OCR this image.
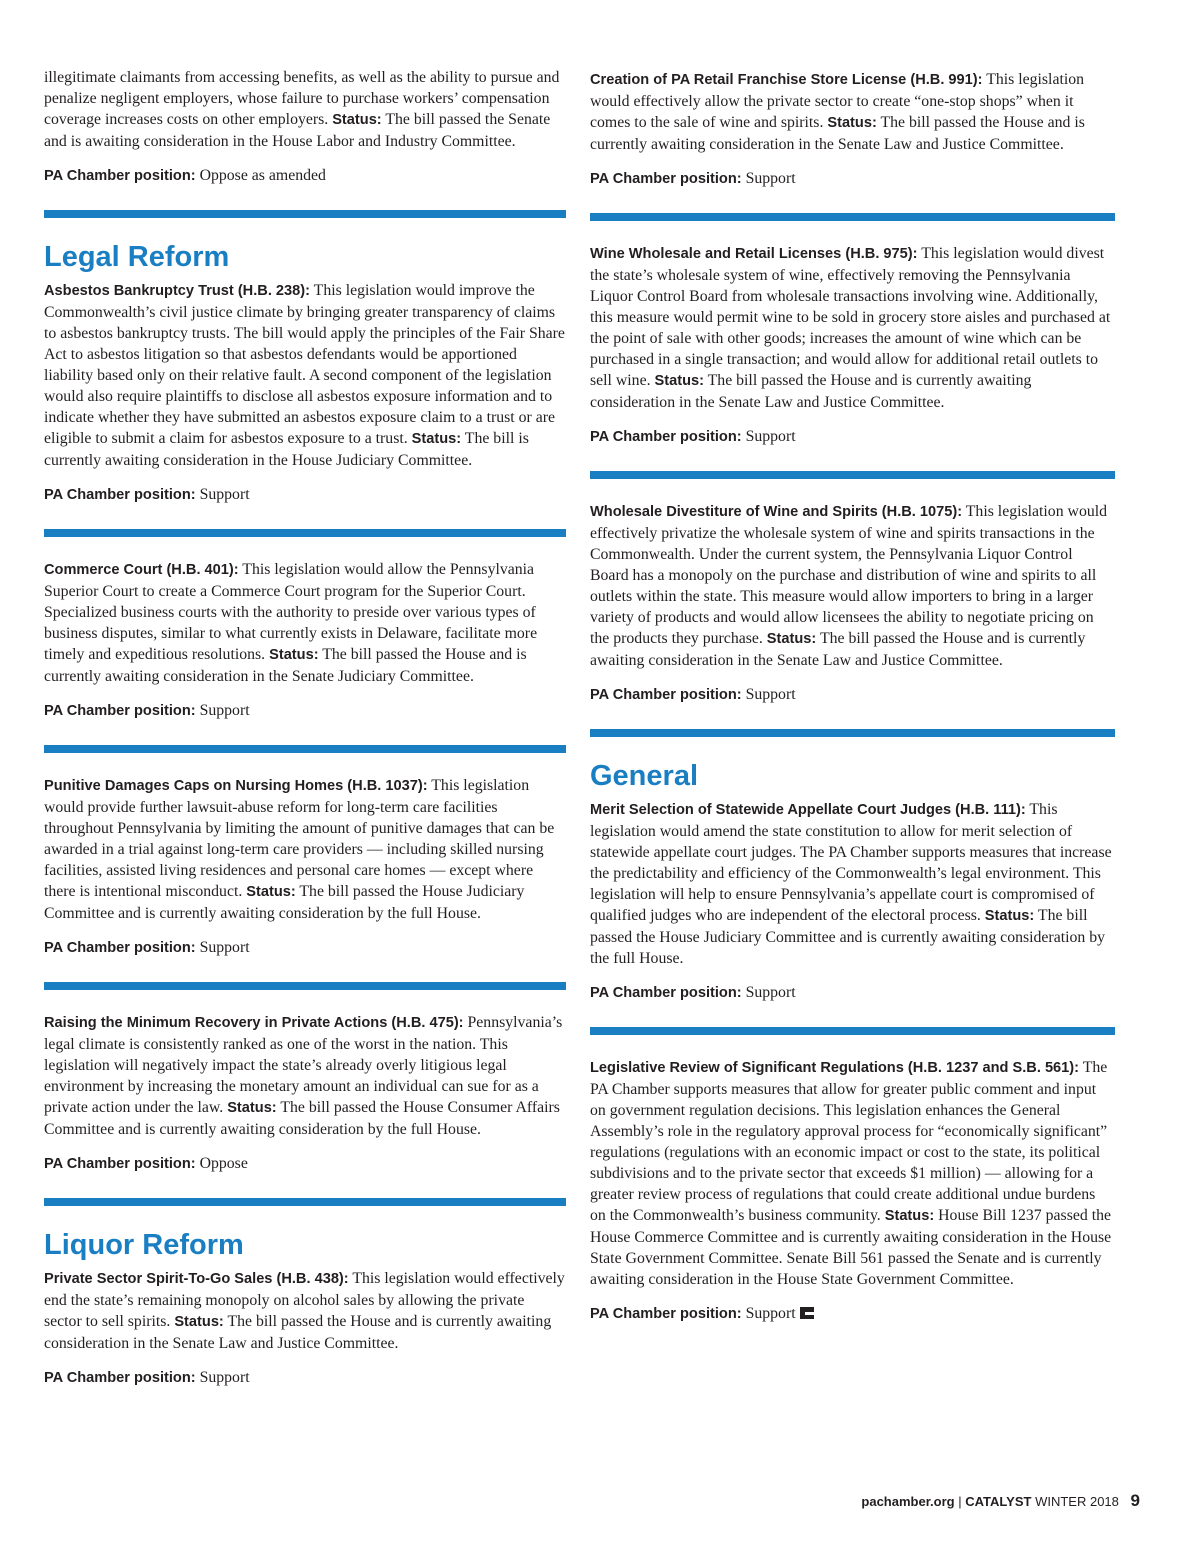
illegitimate claimants from accessing benefits, as well as the ability to pursue and penalize negligent employers, whose failure to purchase workers’ compensation coverage increases costs on other employers. Status: The bill passed the Senate and is awaiting consideration in the House Labor and Industry Committee.

PA Chamber position: Oppose as amended

Legal Reform

Asbestos Bankruptcy Trust (H.B. 238): This legislation would improve the Commonwealth’s civil justice climate by bringing greater transparency of claims to asbestos bankruptcy trusts. The bill would apply the principles of the Fair Share Act to asbestos litigation so that asbestos defendants would be apportioned liability based only on their relative fault. A second component of the legislation would also require plaintiffs to disclose all asbestos exposure information and to indicate whether they have submitted an asbestos exposure claim to a trust or are eligible to submit a claim for asbestos exposure to a trust. Status: The bill is currently awaiting consideration in the House Judiciary Committee.

PA Chamber position: Support

Commerce Court (H.B. 401): This legislation would allow the Pennsylvania Superior Court to create a Commerce Court program for the Superior Court. Specialized business courts with the authority to preside over various types of business disputes, similar to what currently exists in Delaware, facilitate more timely and expeditious resolutions. Status: The bill passed the House and is currently awaiting consideration in the Senate Judiciary Committee.

PA Chamber position: Support

Punitive Damages Caps on Nursing Homes (H.B. 1037): This legislation would provide further lawsuit-abuse reform for long-term care facilities throughout Pennsylvania by limiting the amount of punitive damages that can be awarded in a trial against long-term care providers — including skilled nursing facilities, assisted living residences and personal care homes — except where there is intentional misconduct. Status: The bill passed the House Judiciary Committee and is currently awaiting consideration by the full House.

PA Chamber position: Support

Raising the Minimum Recovery in Private Actions (H.B. 475): Pennsylvania’s legal climate is consistently ranked as one of the worst in the nation. This legislation will negatively impact the state’s already overly litigious legal environment by increasing the monetary amount an individual can sue for as a private action under the law. Status: The bill passed the House Consumer Affairs Committee and is currently awaiting consideration by the full House.

PA Chamber position: Oppose

Liquor Reform

Private Sector Spirit-To-Go Sales (H.B. 438): This legislation would effectively end the state’s remaining monopoly on alcohol sales by allowing the private sector to sell spirits. Status: The bill passed the House and is currently awaiting consideration in the Senate Law and Justice Committee.

PA Chamber position: Support

Creation of PA Retail Franchise Store License (H.B. 991): This legislation would effectively allow the private sector to create “one-stop shops” when it comes to the sale of wine and spirits. Status: The bill passed the House and is currently awaiting consideration in the Senate Law and Justice Committee.

PA Chamber position: Support

Wine Wholesale and Retail Licenses (H.B. 975): This legislation would divest the state’s wholesale system of wine, effectively removing the Pennsylvania Liquor Control Board from wholesale transactions involving wine. Additionally, this measure would permit wine to be sold in grocery store aisles and purchased at the point of sale with other goods; increases the amount of wine which can be purchased in a single transaction; and would allow for additional retail outlets to sell wine. Status: The bill passed the House and is currently awaiting consideration in the Senate Law and Justice Committee.

PA Chamber position: Support

Wholesale Divestiture of Wine and Spirits (H.B. 1075): This legislation would effectively privatize the wholesale system of wine and spirits transactions in the Commonwealth. Under the current system, the Pennsylvania Liquor Control Board has a monopoly on the purchase and distribution of wine and spirits to all outlets within the state. This measure would allow importers to bring in a larger variety of products and would allow licensees the ability to negotiate pricing on the products they purchase. Status: The bill passed the House and is currently awaiting consideration in the Senate Law and Justice Committee.

PA Chamber position: Support

General

Merit Selection of Statewide Appellate Court Judges (H.B. 111): This legislation would amend the state constitution to allow for merit selection of statewide appellate court judges. The PA Chamber supports measures that increase the predictability and efficiency of the Commonwealth’s legal environment. This legislation will help to ensure Pennsylvania’s appellate court is compromised of qualified judges who are independent of the electoral process. Status: The bill passed the House Judiciary Committee and is currently awaiting consideration by the full House.

PA Chamber position: Support

Legislative Review of Significant Regulations (H.B. 1237 and S.B. 561): The PA Chamber supports measures that allow for greater public comment and input on government regulation decisions. This legislation enhances the General Assembly’s role in the regulatory approval process for “economically significant” regulations (regulations with an economic impact or cost to the state, its political subdivisions and to the private sector that exceeds $1 million) — allowing for a greater review process of regulations that could create additional undue burdens on the Commonwealth’s business community. Status: House Bill 1237 passed the House Commerce Committee and is currently awaiting consideration in the House State Government Committee. Senate Bill 561 passed the Senate and is currently awaiting consideration in the House State Government Committee.

PA Chamber position: Support

pachamber.org | CATALYST WINTER 2018 9
